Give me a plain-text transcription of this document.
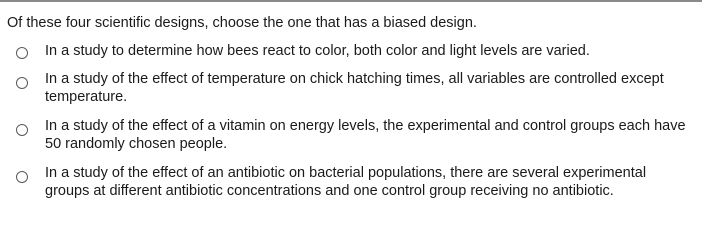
Of these four scientific designs, choose the one that has a biased design.
In a study to determine how bees react to color, both color and light levels are varied.
In a study of the effect of temperature on chick hatching times, all variables are controlled except temperature.
In a study of the effect of a vitamin on energy levels, the experimental and control groups each have 50 randomly chosen people.
In a study of the effect of an antibiotic on bacterial populations, there are several experimental groups at different antibiotic concentrations and one control group receiving no antibiotic.
